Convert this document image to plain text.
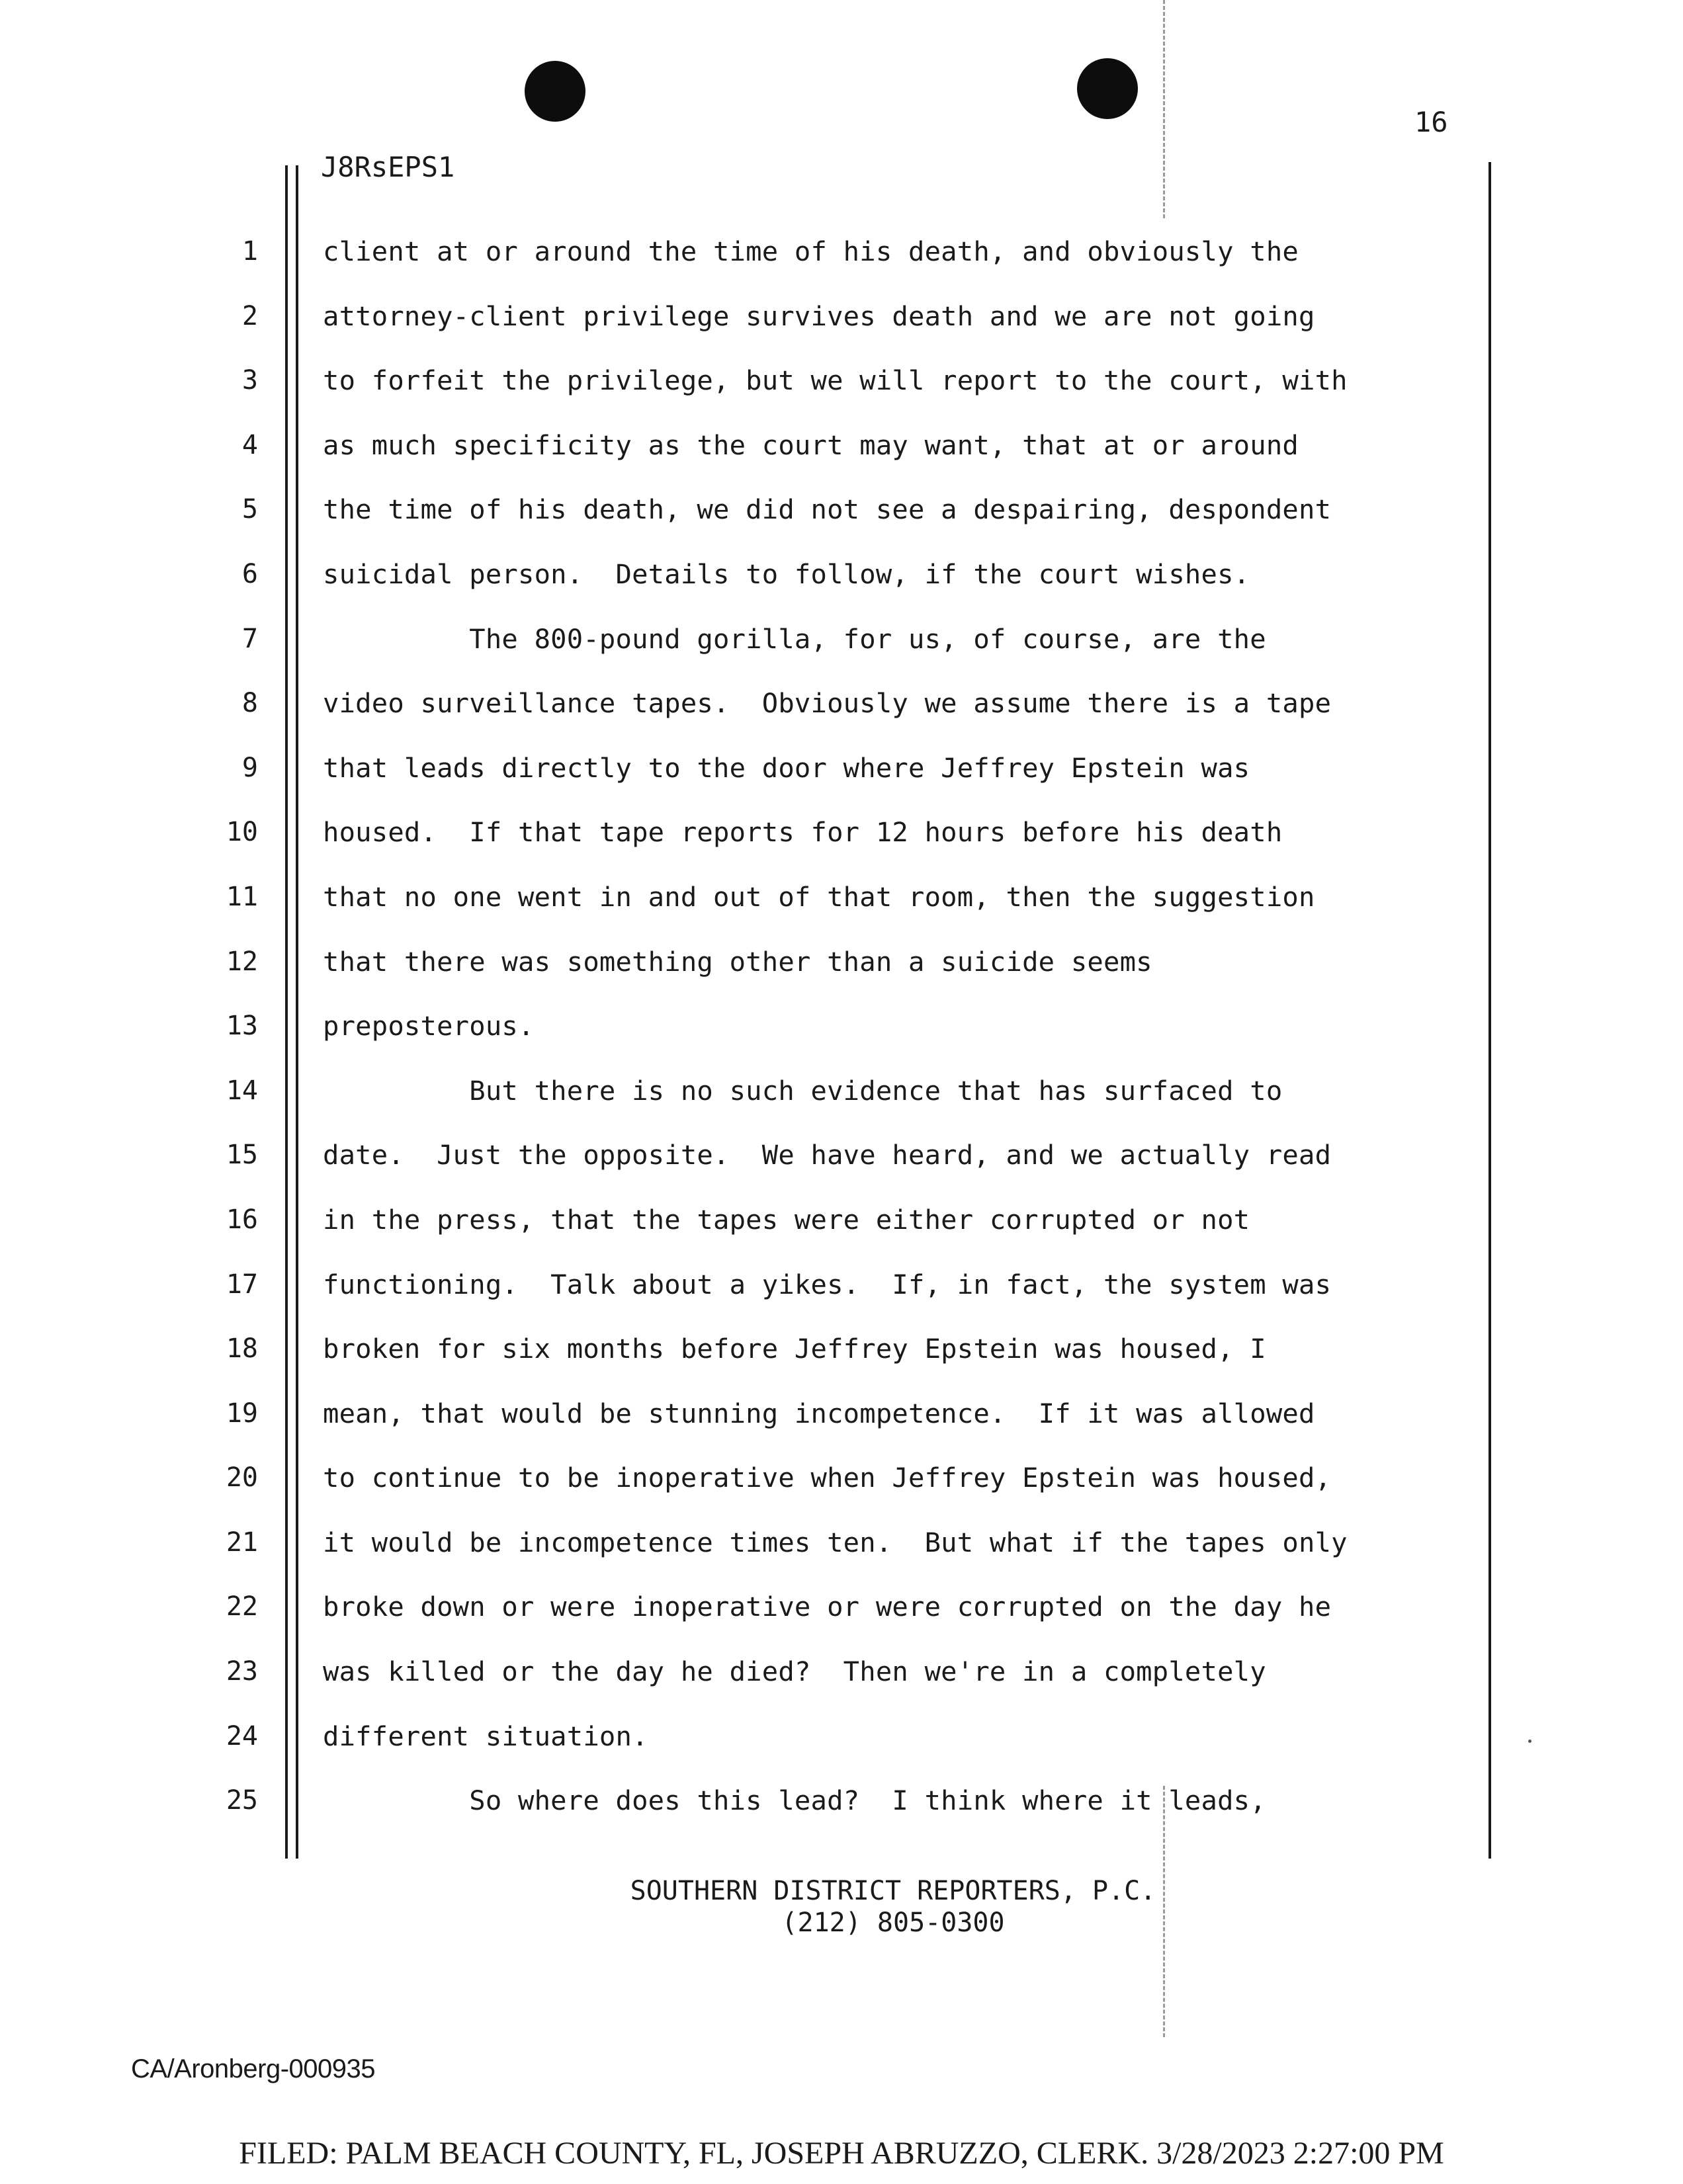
16
J8RsEPS1
1
2
3
4
5
6
7
8
9
10
11
12
13
14
15
16
17
18
19
20
21
22
23
24
25
client at or around the time of his death, and obviously the
attorney-client privilege survives death and we are not going
to forfeit the privilege, but we will report to the court, with
as much specificity as the court may want, that at or around
the time of his death, we did not see a despairing, despondent
suicidal person.  Details to follow, if the court wishes.
The 800-pound gorilla, for us, of course, are the
video surveillance tapes.  Obviously we assume there is a tape
that leads directly to the door where Jeffrey Epstein was
housed.  If that tape reports for 12 hours before his death
that no one went in and out of that room, then the suggestion
that there was something other than a suicide seems
preposterous.
But there is no such evidence that has surfaced to
date.  Just the opposite.  We have heard, and we actually read
in the press, that the tapes were either corrupted or not
functioning.  Talk about a yikes.  If, in fact, the system was
broken for six months before Jeffrey Epstein was housed, I
mean, that would be stunning incompetence.  If it was allowed
to continue to be inoperative when Jeffrey Epstein was housed,
it would be incompetence times ten.  But what if the tapes only
broke down or were inoperative or were corrupted on the day he
was killed or the day he died?  Then we're in a completely
different situation.
So where does this lead?  I think where it leads,
SOUTHERN DISTRICT REPORTERS, P.C.
(212) 805-0300
CA/Aronberg-000935
FILED: PALM BEACH COUNTY, FL, JOSEPH ABRUZZO, CLERK. 3/28/2023 2:27:00 PM
